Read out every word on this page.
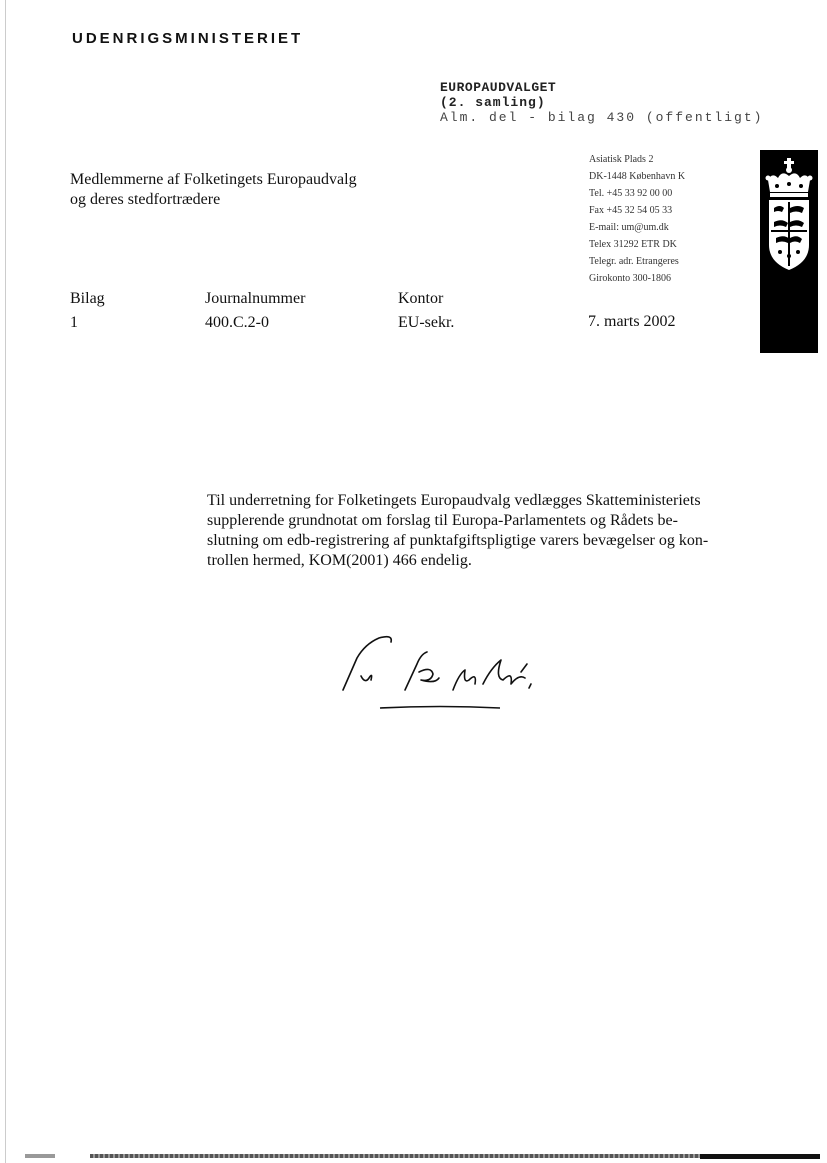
UDENRIGSMINISTERIET
EUROPAUDVALGET
(2. samling)
Alm. del - bilag 430 (offentligt)
Medlemmerne af Folketingets Europaudvalg
og deres stedfortrædere
Asiatisk Plads 2
DK-1448 København K
Tel. +45 33 92 00 00
Fax +45 32 54 05 33
E-mail: um@um.dk
Telex 31292 ETR DK
Telegr. adr. Etrangeres
Girokonto 300-1806
Bilag
1
Journalnummer
400.C.2-0
Kontor
EU-sekr.	7. marts 2002
Til underretning for Folketingets Europaudvalg vedlægges Skatteministeriets
supplerende grundnotat om forslag til Europa-Parlamentets og Rådets be-
slutning om edb-registrering af punktafgiftspligtige varers bevægelser og kon-
trollen hermed, KOM(2001) 466 endelig.
